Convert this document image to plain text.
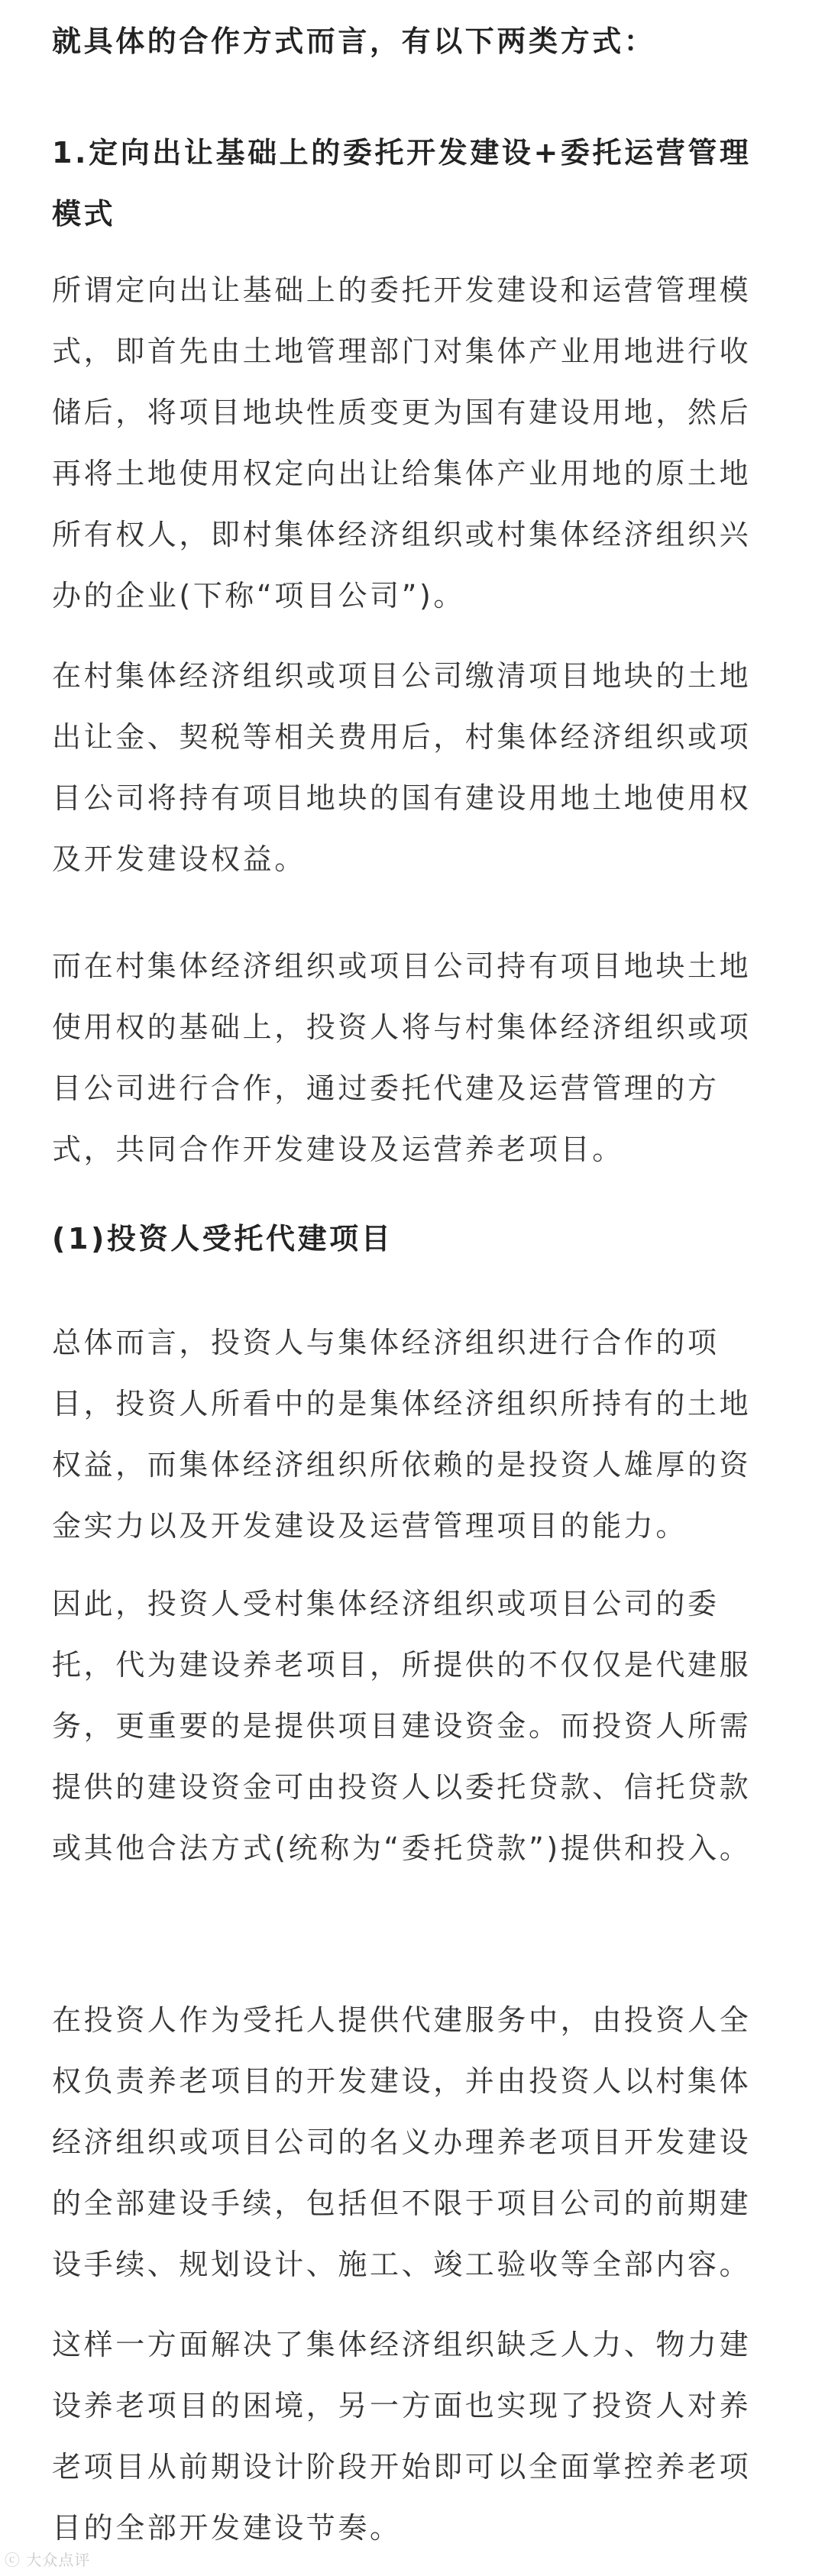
就具体的合作方式而言，有以下两类方式：

1.定向出让基础上的委托开发建设+委托运营管理模式

所谓定向出让基础上的委托开发建设和运营管理模式，即首先由土地管理部门对集体产业用地进行收储后，将项目地块性质变更为国有建设用地，然后再将土地使用权定向出让给集体产业用地的原土地所有权人，即村集体经济组织或村集体经济组织兴办的企业(下称“项目公司”)。

在村集体经济组织或项目公司缴清项目地块的土地出让金、契税等相关费用后，村集体经济组织或项目公司将持有项目地块的国有建设用地土地使用权及开发建设权益。

而在村集体经济组织或项目公司持有项目地块土地使用权的基础上，投资人将与村集体经济组织或项目公司进行合作，通过委托代建及运营管理的方式，共同合作开发建设及运营养老项目。

(1)投资人受托代建项目

总体而言，投资人与集体经济组织进行合作的项目，投资人所看中的是集体经济组织所持有的土地权益，而集体经济组织所依赖的是投资人雄厚的资金实力以及开发建设及运营管理项目的能力。

因此，投资人受村集体经济组织或项目公司的委托，代为建设养老项目，所提供的不仅仅是代建服务，更重要的是提供项目建设资金。而投资人所需提供的建设资金可由投资人以委托贷款、信托贷款或其他合法方式(统称为“委托贷款”)提供和投入。

在投资人作为受托人提供代建服务中，由投资人全权负责养老项目的开发建设，并由投资人以村集体经济组织或项目公司的名义办理养老项目开发建设的全部建设手续，包括但不限于项目公司的前期建设手续、规划设计、施工、竣工验收等全部内容。

这样一方面解决了集体经济组织缺乏人力、物力建设养老项目的困境，另一方面也实现了投资人对养老项目从前期设计阶段开始即可以全面掌控养老项目的全部开发建设节奏。

ⓒ 大众点评
